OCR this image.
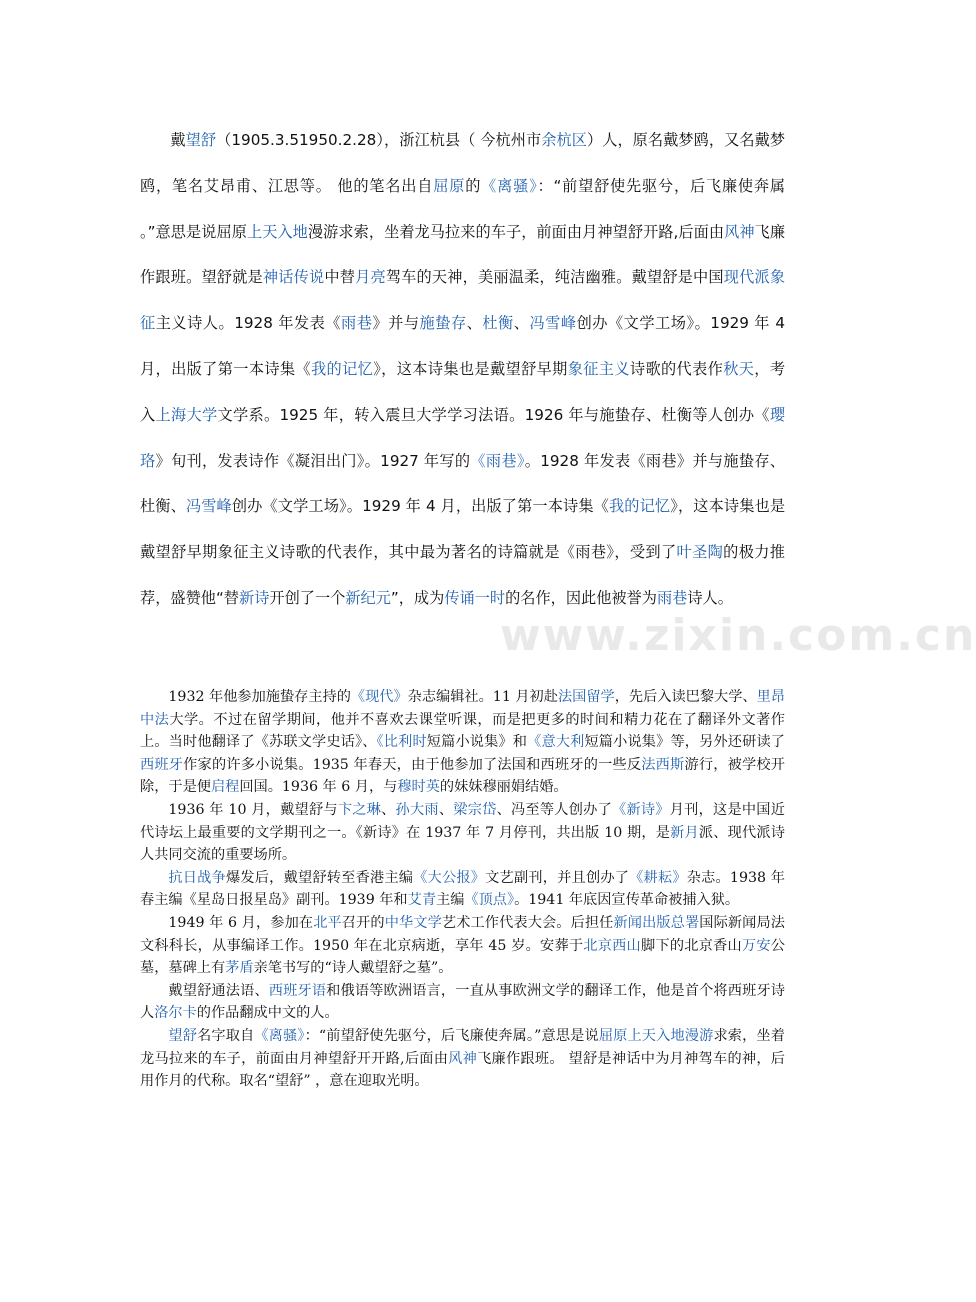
www.zixin.com.cn

戴望舒（1905.3.51950.2.28），浙江杭县（ 今杭州市余杭区）人，原名戴梦鸥，又名戴梦鸥，笔名艾昂甫、江思等。 他的笔名出自屈原的《离骚》：“前望舒使先驱兮，后飞廉使奔属 。”意思是说屈原上天入地漫游求索，坐着龙马拉来的车子，前面由月神望舒开路,后面由风神飞廉作跟班。望舒就是神话传说中替月亮驾车的天神，美丽温柔，纯洁幽雅。戴望舒是中国现代派象征主义诗人。1928 年发表《雨巷》并与施蛰存、杜衡、冯雪峰创办《文学工场》。1929 年 4 月，出版了第一本诗集《我的记忆》，这本诗集也是戴望舒早期象征主义诗歌的代表作秋天，考入上海大学文学系。1925 年，转入震旦大学学习法语。1926 年与施蛰存、杜衡等人创办《璎珞》旬刊，发表诗作《凝泪出门》。1927 年写的《雨巷》。1928 年发表《雨巷》并与施蛰存、杜衡、冯雪峰创办《文学工场》。1929 年 4 月，出版了第一本诗集《我的记忆》，这本诗集也是戴望舒早期象征主义诗歌的代表作，其中最为著名的诗篇就是《雨巷》，受到了叶圣陶的极力推荐，盛赞他“替新诗开创了一个新纪元”，成为传诵一时的名作，因此他被誉为雨巷诗人。

1932 年他参加施蛰存主持的《现代》杂志编辑社。11 月初赴法国留学，先后入读巴黎大学、里昂中法大学。不过在留学期间，他并不喜欢去课堂听课，而是把更多的时间和精力花在了翻译外文著作上。当时他翻译了《苏联文学史话》、《比利时短篇小说集》和《意大利短篇小说集》等，另外还研读了西班牙作家的许多小说集。1935 年春天，由于他参加了法国和西班牙的一些反法西斯游行，被学校开除，于是便启程回国。1936 年 6 月，与穆时英的妹妹穆丽娟结婚。

1936 年 10 月，戴望舒与卞之琳、孙大雨、梁宗岱、冯至等人创办了《新诗》月刊，这是中国近代诗坛上最重要的文学期刊之一。《新诗》在 1937 年 7 月停刊，共出版 10 期，是新月派、现代派诗人共同交流的重要场所。

抗日战争爆发后，戴望舒转至香港主编《大公报》文艺副刊，并且创办了《耕耘》杂志。1938 年春主编《星岛日报星岛》副刊。1939 年和艾青主编《顶点》。1941 年底因宣传革命被捕入狱。

1949 年 6 月，参加在北平召开的中华文学艺术工作代表大会。后担任新闻出版总署国际新闻局法文科科长，从事编译工作。1950 年在北京病逝，享年 45 岁。安葬于北京西山脚下的北京香山万安公墓，墓碑上有茅盾亲笔书写的“诗人戴望舒之墓”。

戴望舒通法语、西班牙语和俄语等欧洲语言，一直从事欧洲文学的翻译工作，他是首个将西班牙诗人洛尔卡的作品翻成中文的人。

望舒名字取自《离骚》：“前望舒使先驱兮，后飞廉使奔属。”意思是说屈原上天入地漫游求索，坐着龙马拉来的车子，前面由月神望舒开开路,后面由风神飞廉作跟班。 望舒是神话中为月神驾车的神，后用作月的代称。取名“望舒” ，意在迎取光明。
